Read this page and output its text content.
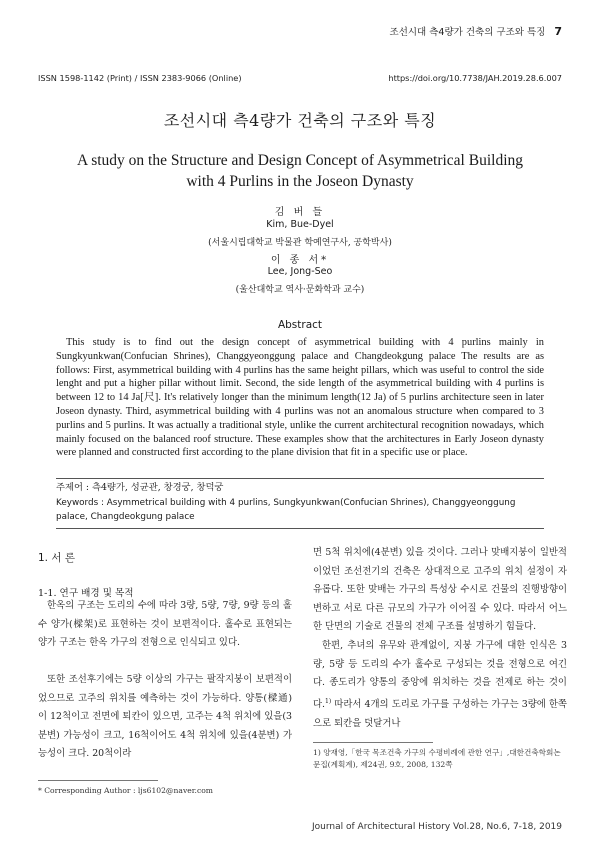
조선시대 측4량가 건축의 구조와 특징 7
ISSN 1598-1142 (Print) / ISSN 2383-9066 (Online)	https://doi.org/10.7738/JAH.2019.28.6.007
조선시대 측4량가 건축의 구조와 특징
A study on the Structure and Design Concept of Asymmetrical Building
with 4 Purlins in the Joseon Dynasty
김 버 들
Kim, Bue-Dyel
(서울시립대학교 박물관 학예연구사, 공학박사)
이 종 서*
Lee, Jong-Seo
(울산대학교 역사·문화학과 교수)
Abstract
This study is to find out the design concept of asymmetrical building with 4 purlins mainly in Sungkyunkwan(Confucian Shrines), Changgyeonggung palace and Changdeokgung palace The results are as follows: First, asymmetrical building with 4 purlins has the same height pillars, which was useful to control the side lenght and put a higher pillar without limit. Second, the side length of the asymmetrical building with 4 purlins is between 12 to 14 Ja[尺]. It's relatively longer than the minimum length(12 Ja) of 5 purlins architecture seen in later Joseon dynasty. Third, asymmetrical building with 4 purlins was not an anomalous structure when compared to 3 purlins and 5 purlins. It was actually a traditional style, unlike the current architectural recognition nowadays, which mainly focused on the balanced roof structure. These examples show that the architectures in Early Joseon dynasty were planned and constructed first according to the plane division that fit in a specific use or place.
주제어 : 측4량가, 성균관, 창경궁, 창덕궁
Keywords : Asymmetrical building with 4 purlins, Sungkyunkwan(Confucian Shrines), Changgyeonggung palace, Changdeokgung palace
1. 서 론
1-1. 연구 배경 및 목적
한옥의 구조는 도리의 수에 따라 3량, 5량, 7량, 9량 등의 홀수 양가(樑架)로 표현하는 것이 보편적이다. 홀수로 표현되는 양가 구조는 한옥 가구의 전형으로 인식되고 있다.
또한 조선후기에는 5량 이상의 가구는 팔작지붕이 보편적이었으므로 고주의 위치를 예측하는 것이 가능하다. 양통(樑通)이 12척이고 전면에 퇴칸이 있으면, 고주는 4척 위치에 있을(3분변) 가능성이 크고, 16척이어도 4척 위치에 있을(4분변) 가능성이 크다. 20척이라
* Corresponding Author : ljs6102@naver.com
면 5척 위치에(4분변) 있을 것이다. 그러나 맞배지붕이 일반적이었던 조선전기의 건축은 상대적으로 고주의 위치 설정이 자유롭다. 또한 맞배는 가구의 특성상 수시로 건물의 진행방향이 변하고 서로 다른 규모의 가구가 이어질 수 있다. 따라서 어느 한 단면의 기술로 건물의 전체 구조를 설명하기 힘들다.
한편, 추녀의 유무와 관계없이, 지붕 가구에 대한 인식은 3량, 5량 등 도리의 수가 홀수로 구성되는 것을 전형으로 여긴다. 종도리가 양통의 중앙에 위치하는 것을 전제로 하는 것이다.$^{1)}$ 따라서 4개의 도리로 가구를 구성하는 가구는 3량에 한쪽으로 퇴칸을 덧달거나
1) 양재영,「한국 목조건축 가구의 수평비례에 관한 연구」,대한건축학회논문집(계획계), 제24권, 9호, 2008, 132쪽
Journal of Architectural History Vol.28, No.6, 7-18, 2019
